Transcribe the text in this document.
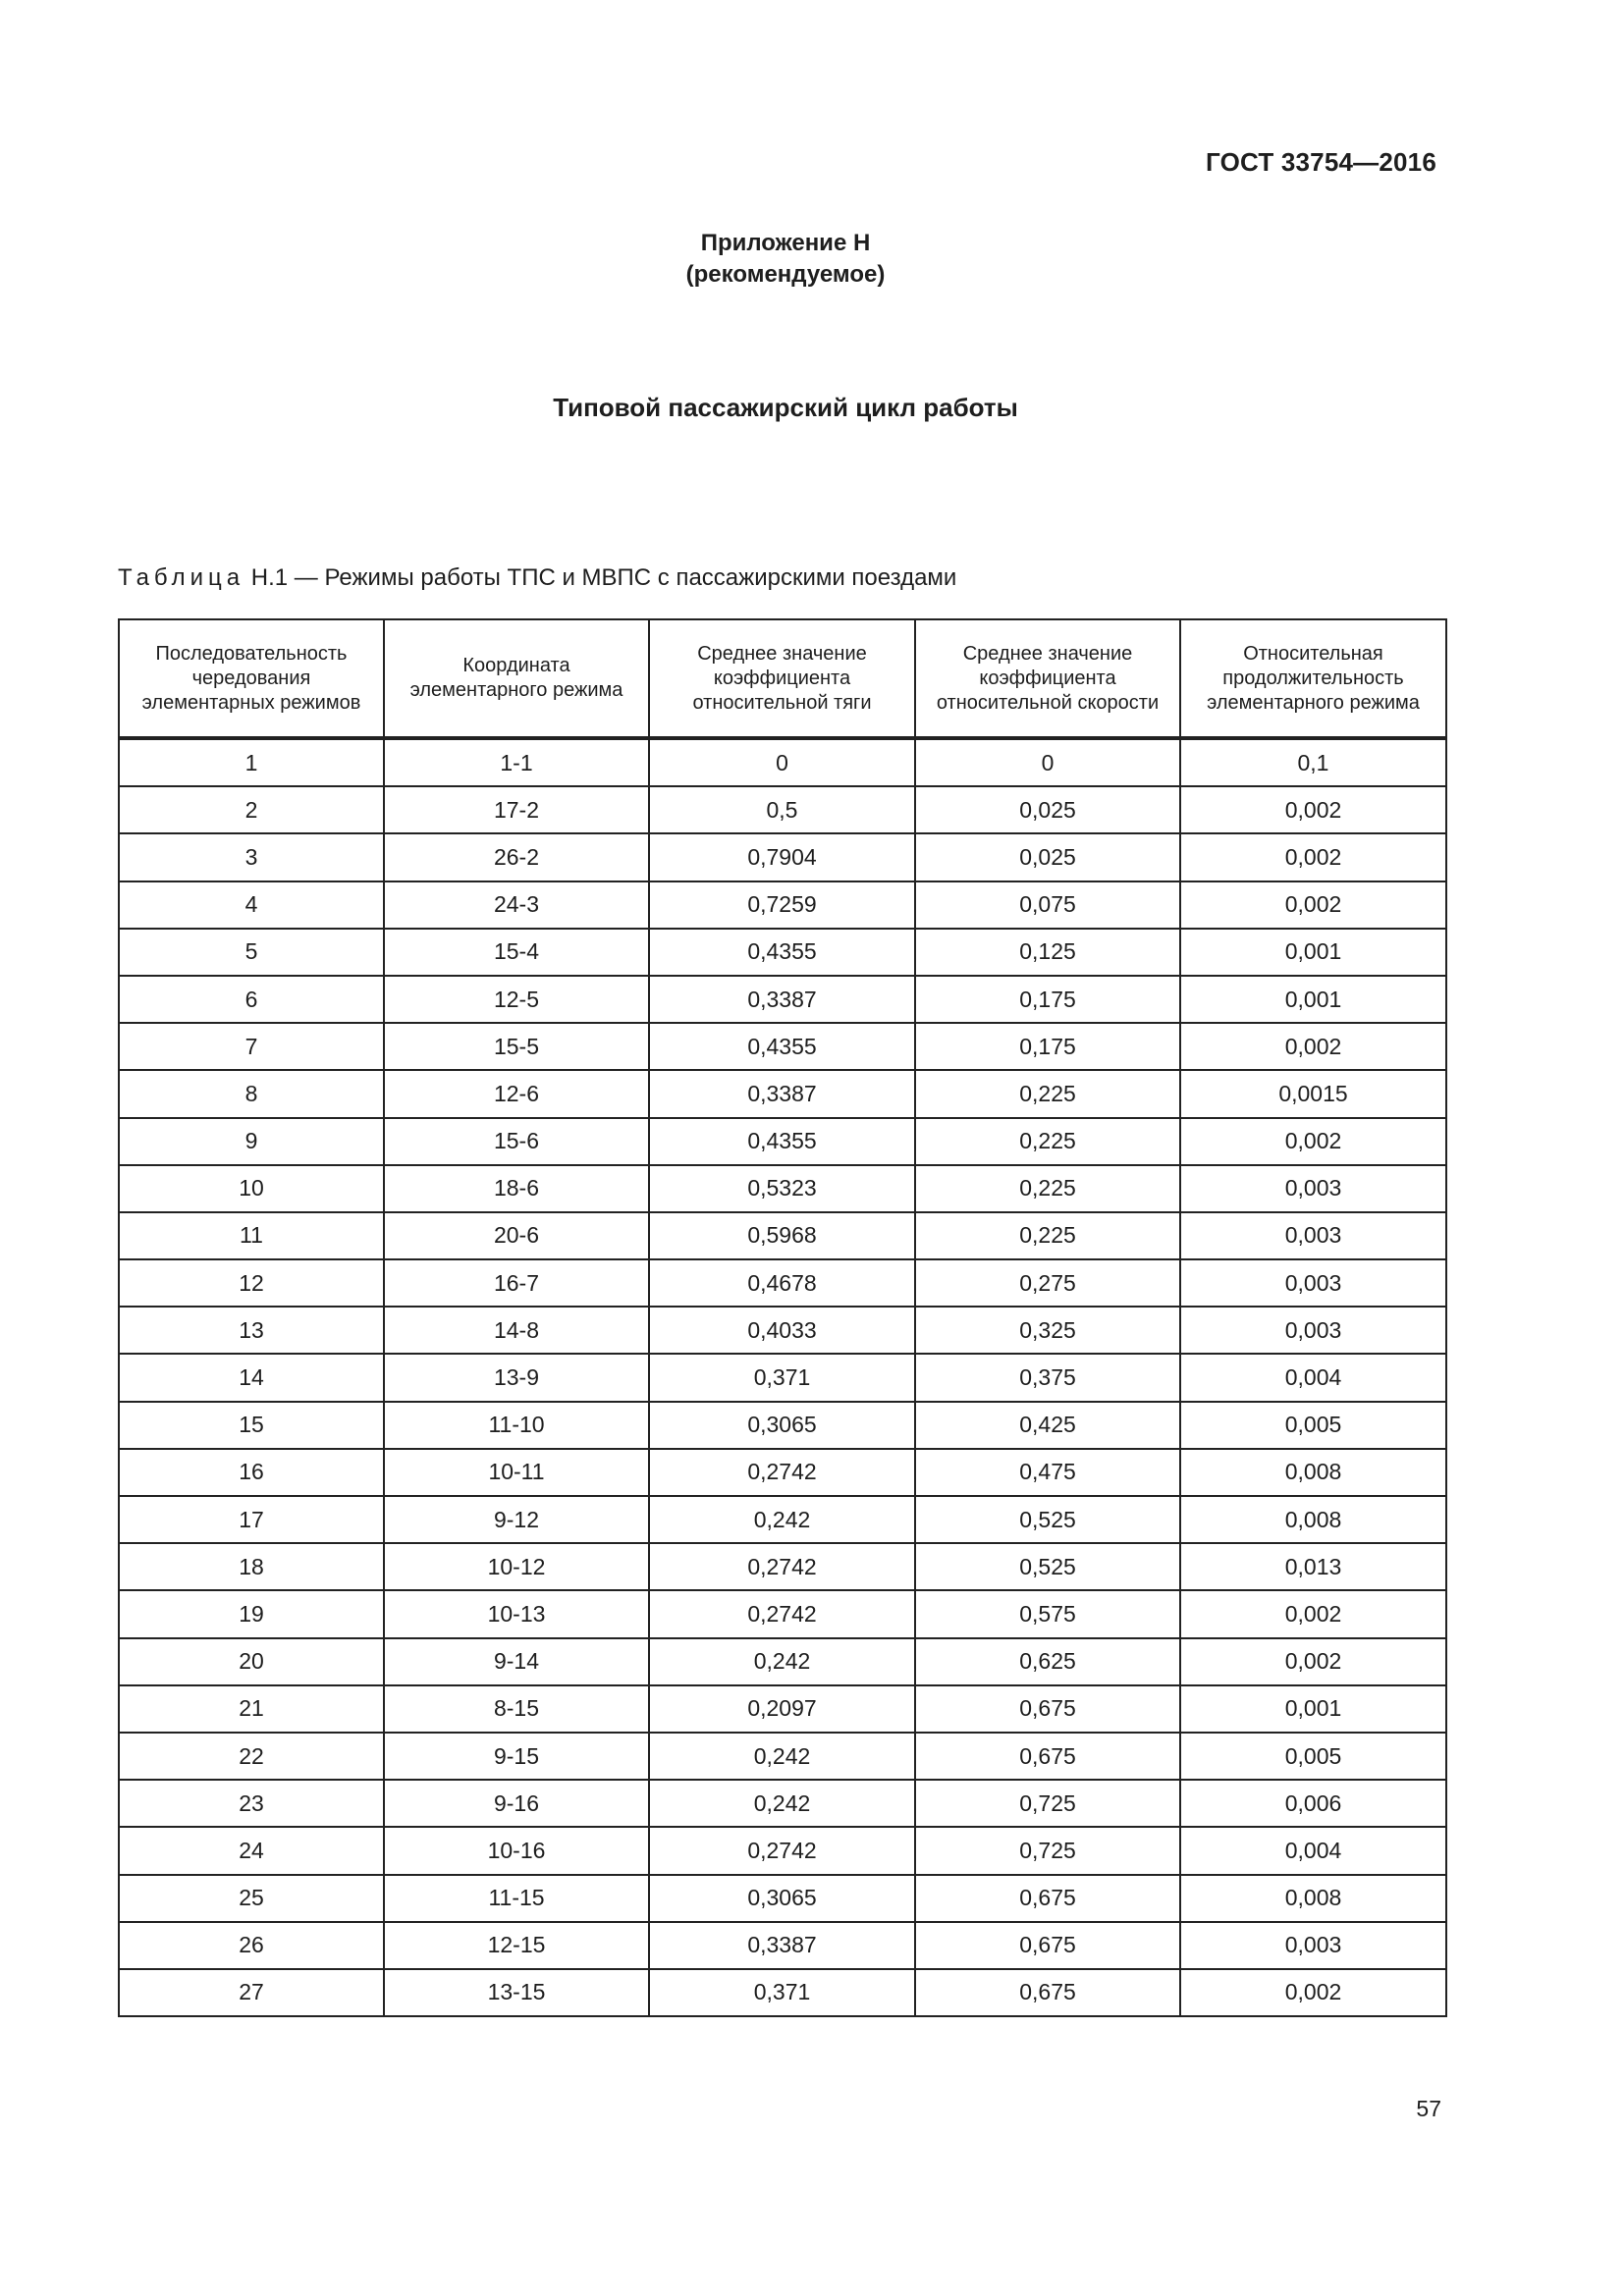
ГОСТ 33754—2016
Приложение Н
(рекомендуемое)
Типовой пассажирский цикл работы
Таблица Н.1 — Режимы работы ТПС и МВПС с пассажирскими поездами
Последовательность чередования элементарных режимов	Координата элементарного режима	Среднее значение коэффициента относительной тяги	Среднее значение коэффициента относительной скорости	Относительная продолжительность элементарного режима
1	1-1	0	0	0,1
2	17-2	0,5	0,025	0,002
3	26-2	0,7904	0,025	0,002
4	24-3	0,7259	0,075	0,002
5	15-4	0,4355	0,125	0,001
6	12-5	0,3387	0,175	0,001
7	15-5	0,4355	0,175	0,002
8	12-6	0,3387	0,225	0,0015
9	15-6	0,4355	0,225	0,002
10	18-6	0,5323	0,225	0,003
11	20-6	0,5968	0,225	0,003
12	16-7	0,4678	0,275	0,003
13	14-8	0,4033	0,325	0,003
14	13-9	0,371	0,375	0,004
15	11-10	0,3065	0,425	0,005
16	10-11	0,2742	0,475	0,008
17	9-12	0,242	0,525	0,008
18	10-12	0,2742	0,525	0,013
19	10-13	0,2742	0,575	0,002
20	9-14	0,242	0,625	0,002
21	8-15	0,2097	0,675	0,001
22	9-15	0,242	0,675	0,005
23	9-16	0,242	0,725	0,006
24	10-16	0,2742	0,725	0,004
25	11-15	0,3065	0,675	0,008
26	12-15	0,3387	0,675	0,003
27	13-15	0,371	0,675	0,002
57
